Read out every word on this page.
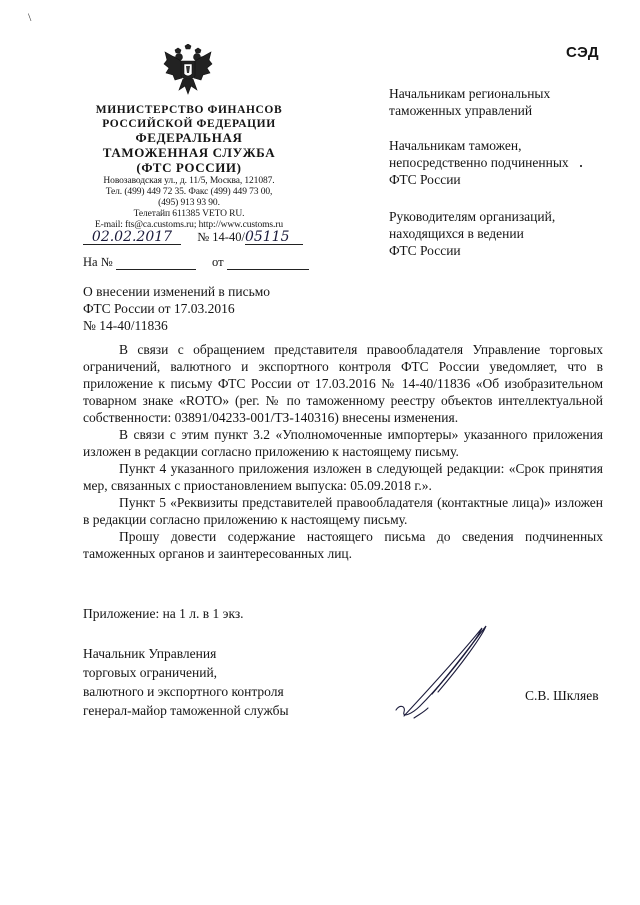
\
СЭД
МИНИСТЕРСТВО ФИНАНСОВ
РОССИЙСКОЙ ФЕДЕРАЦИИ
ФЕДЕРАЛЬНАЯ
ТАМОЖЕННАЯ СЛУЖБА
(ФТС РОССИИ)
Новозаводская ул., д. 11/5, Москва, 121087.
Тел. (499) 449 72 35. Факс (499) 449 73 00,
(495) 913 93 90.
Телетайп 611385 VETO RU.
E-mail: fts@ca.customs.ru; http://www.customs.ru
02.02.2017 № 14-40/05115
На №	от
Начальникам региональных
таможенных управлений
Начальникам таможен,
непосредственно подчиненных
ФТС России
Руководителям организаций,
находящихся в ведении
ФТС России
О внесении изменений в письмо
ФТС России от 17.03.2016
№ 14-40/11836

В связи с обращением представителя правообладателя Управление торговых ограничений, валютного и экспортного контроля ФТС России уведомляет, что в приложение к письму ФТС России от 17.03.2016 № 14-40/11836 «Об изобразительном товарном знаке «ROTO» (рег. № по таможенному реестру объектов интеллектуальной собственности: 03891/04233-001/ТЗ-140316) внесены изменения.

В связи с этим пункт 3.2 «Уполномоченные импортеры» указанного приложения изложен в редакции согласно приложению к настоящему письму.

Пункт 4 указанного приложения изложен в следующей редакции: «Срок принятия мер, связанных с приостановлением выпуска: 05.09.2018 г.».

Пункт 5 «Реквизиты представителей правообладателя (контактные лица)» изложен в редакции согласно приложению к настоящему письму.

Прошу довести содержание настоящего письма до сведения подчиненных таможенных органов и заинтересованных лиц.

Приложение: на 1 л. в 1 экз.
Начальник Управления
торговых ограничений,
валютного и экспортного контроля
генерал-майор таможенной службы
С.В. Шкляев
